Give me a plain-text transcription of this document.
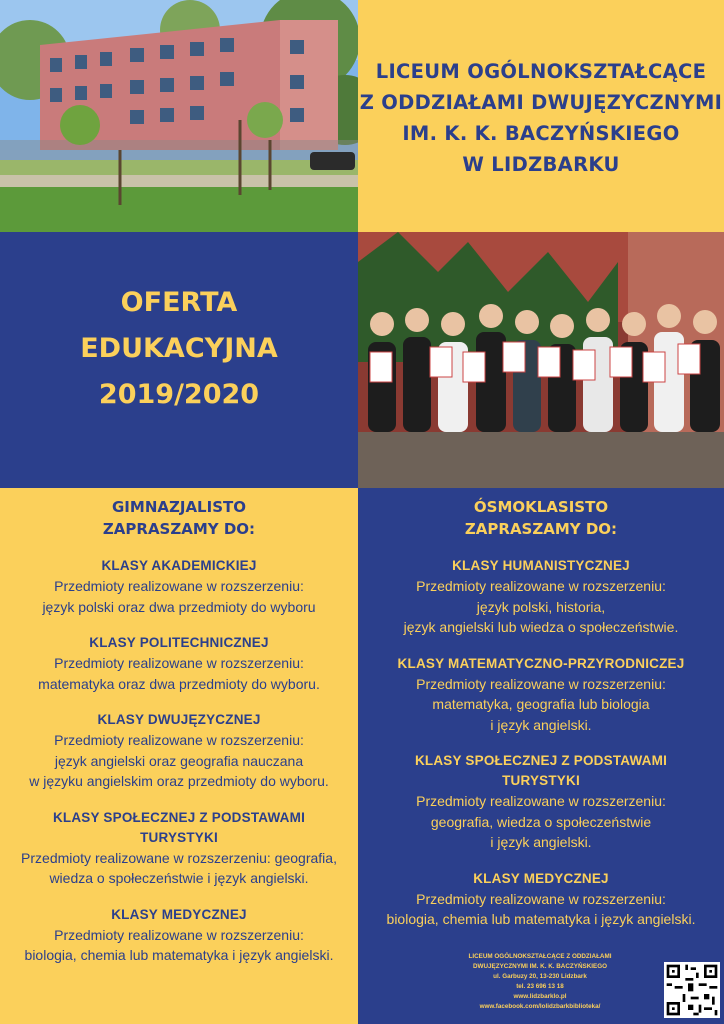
LICEUM OGÓLNOKSZTAŁCĄCE
Z ODDZIAŁAMI DWUJĘZYCZNYMI
IM. K. K. BACZYŃSKIEGO
W LIDZBARKU
OFERTA
EDUKACYJNA
2019/2020
GIMNAZJALISTO
ZAPRASZAMY DO:
KLASY AKADEMICKIEJ
Przedmioty realizowane w rozszerzeniu:
język polski oraz dwa przedmioty do wyboru
KLASY POLITECHNICZNEJ
Przedmioty realizowane w rozszerzeniu:
matematyka oraz dwa przedmioty do wyboru.
KLASY DWUJĘZYCZNEJ
Przedmioty realizowane w rozszerzeniu:
język angielski oraz geografia nauczana
w języku angielskim oraz przedmioty do wyboru.
KLASY SPOŁECZNEJ Z PODSTAWAMI
TURYSTYKI
Przedmioty realizowane w rozszerzeniu: geografia,
wiedza o społeczeństwie i język angielski.
KLASY MEDYCZNEJ
Przedmioty realizowane w rozszerzeniu:
biologia, chemia lub matematyka i język angielski.
ÓSMOKLASISTO
ZAPRASZAMY DO:
KLASY HUMANISTYCZNEJ
Przedmioty realizowane w rozszerzeniu:
język polski, historia,
język angielski lub wiedza o społeczeństwie.
KLASY MATEMATYCZNO-PRZYRODNICZEJ
Przedmioty realizowane w rozszerzeniu:
matematyka, geografia lub biologia
i język angielski.
KLASY SPOŁECZNEJ Z PODSTAWAMI
TURYSTYKI
Przedmioty realizowane w rozszerzeniu:
geografia, wiedza o społeczeństwie
i język angielski.
KLASY MEDYCZNEJ
Przedmioty realizowane w rozszerzeniu:
biologia, chemia lub matematyka i język angielski.
LICEUM OGÓLNOKSZTAŁCĄCE Z ODDZIAŁAMI
DWUJĘZYCZNYMI IM. K. K. BACZYŃSKIEGO
ul. Garbuzy 20, 13-230 Lidzbark
tel. 23 696 13 18
www.lidzbarklo.pl
www.facebook.com/lolidzbarkbiblioteka/
